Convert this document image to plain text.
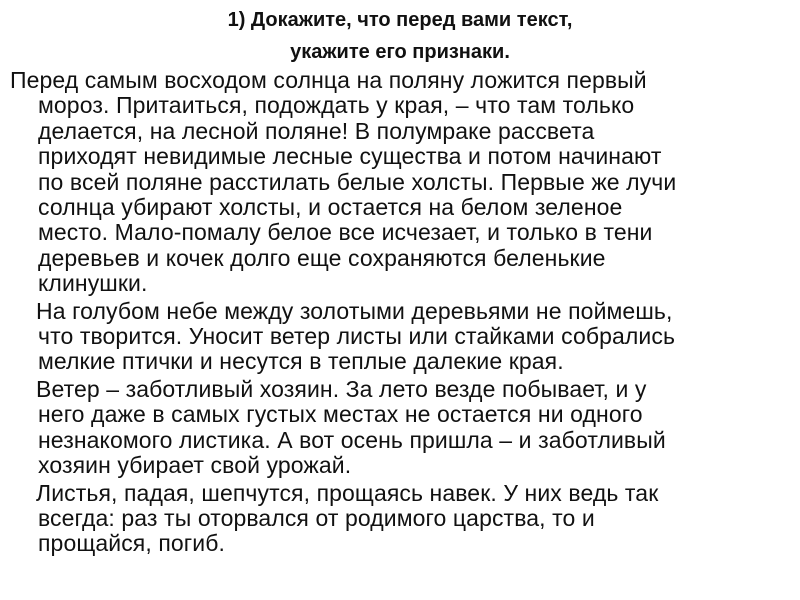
1) Докажите, что перед вами текст,
укажите его признаки.
Перед самым восходом солнца на поляну ложится первый
мороз. Притаиться, подождать у края, – что там только
делается, на лесной поляне! В полумраке рассвета
приходят невидимые лесные существа и потом начинают
по всей поляне расстилать белые холсты. Первые же лучи
солнца убирают холсты, и остается на белом зеленое
место. Мало-помалу белое все исчезает, и только в тени
деревьев и кочек долго еще сохраняются беленькие
клинушки.
На голубом небе между золотыми деревьями не поймешь,
что творится. Уносит ветер листы или стайками собрались
мелкие птички и несутся в теплые далекие края.
Ветер – заботливый хозяин. За лето везде побывает, и у
него даже в самых густых местах не остается ни одного
незнакомого листика. А вот осень пришла – и заботливый
хозяин убирает свой урожай.
Листья, падая, шепчутся, прощаясь навек. У них ведь так
всегда: раз ты оторвался от родимого царства, то и
прощайся, погиб.
